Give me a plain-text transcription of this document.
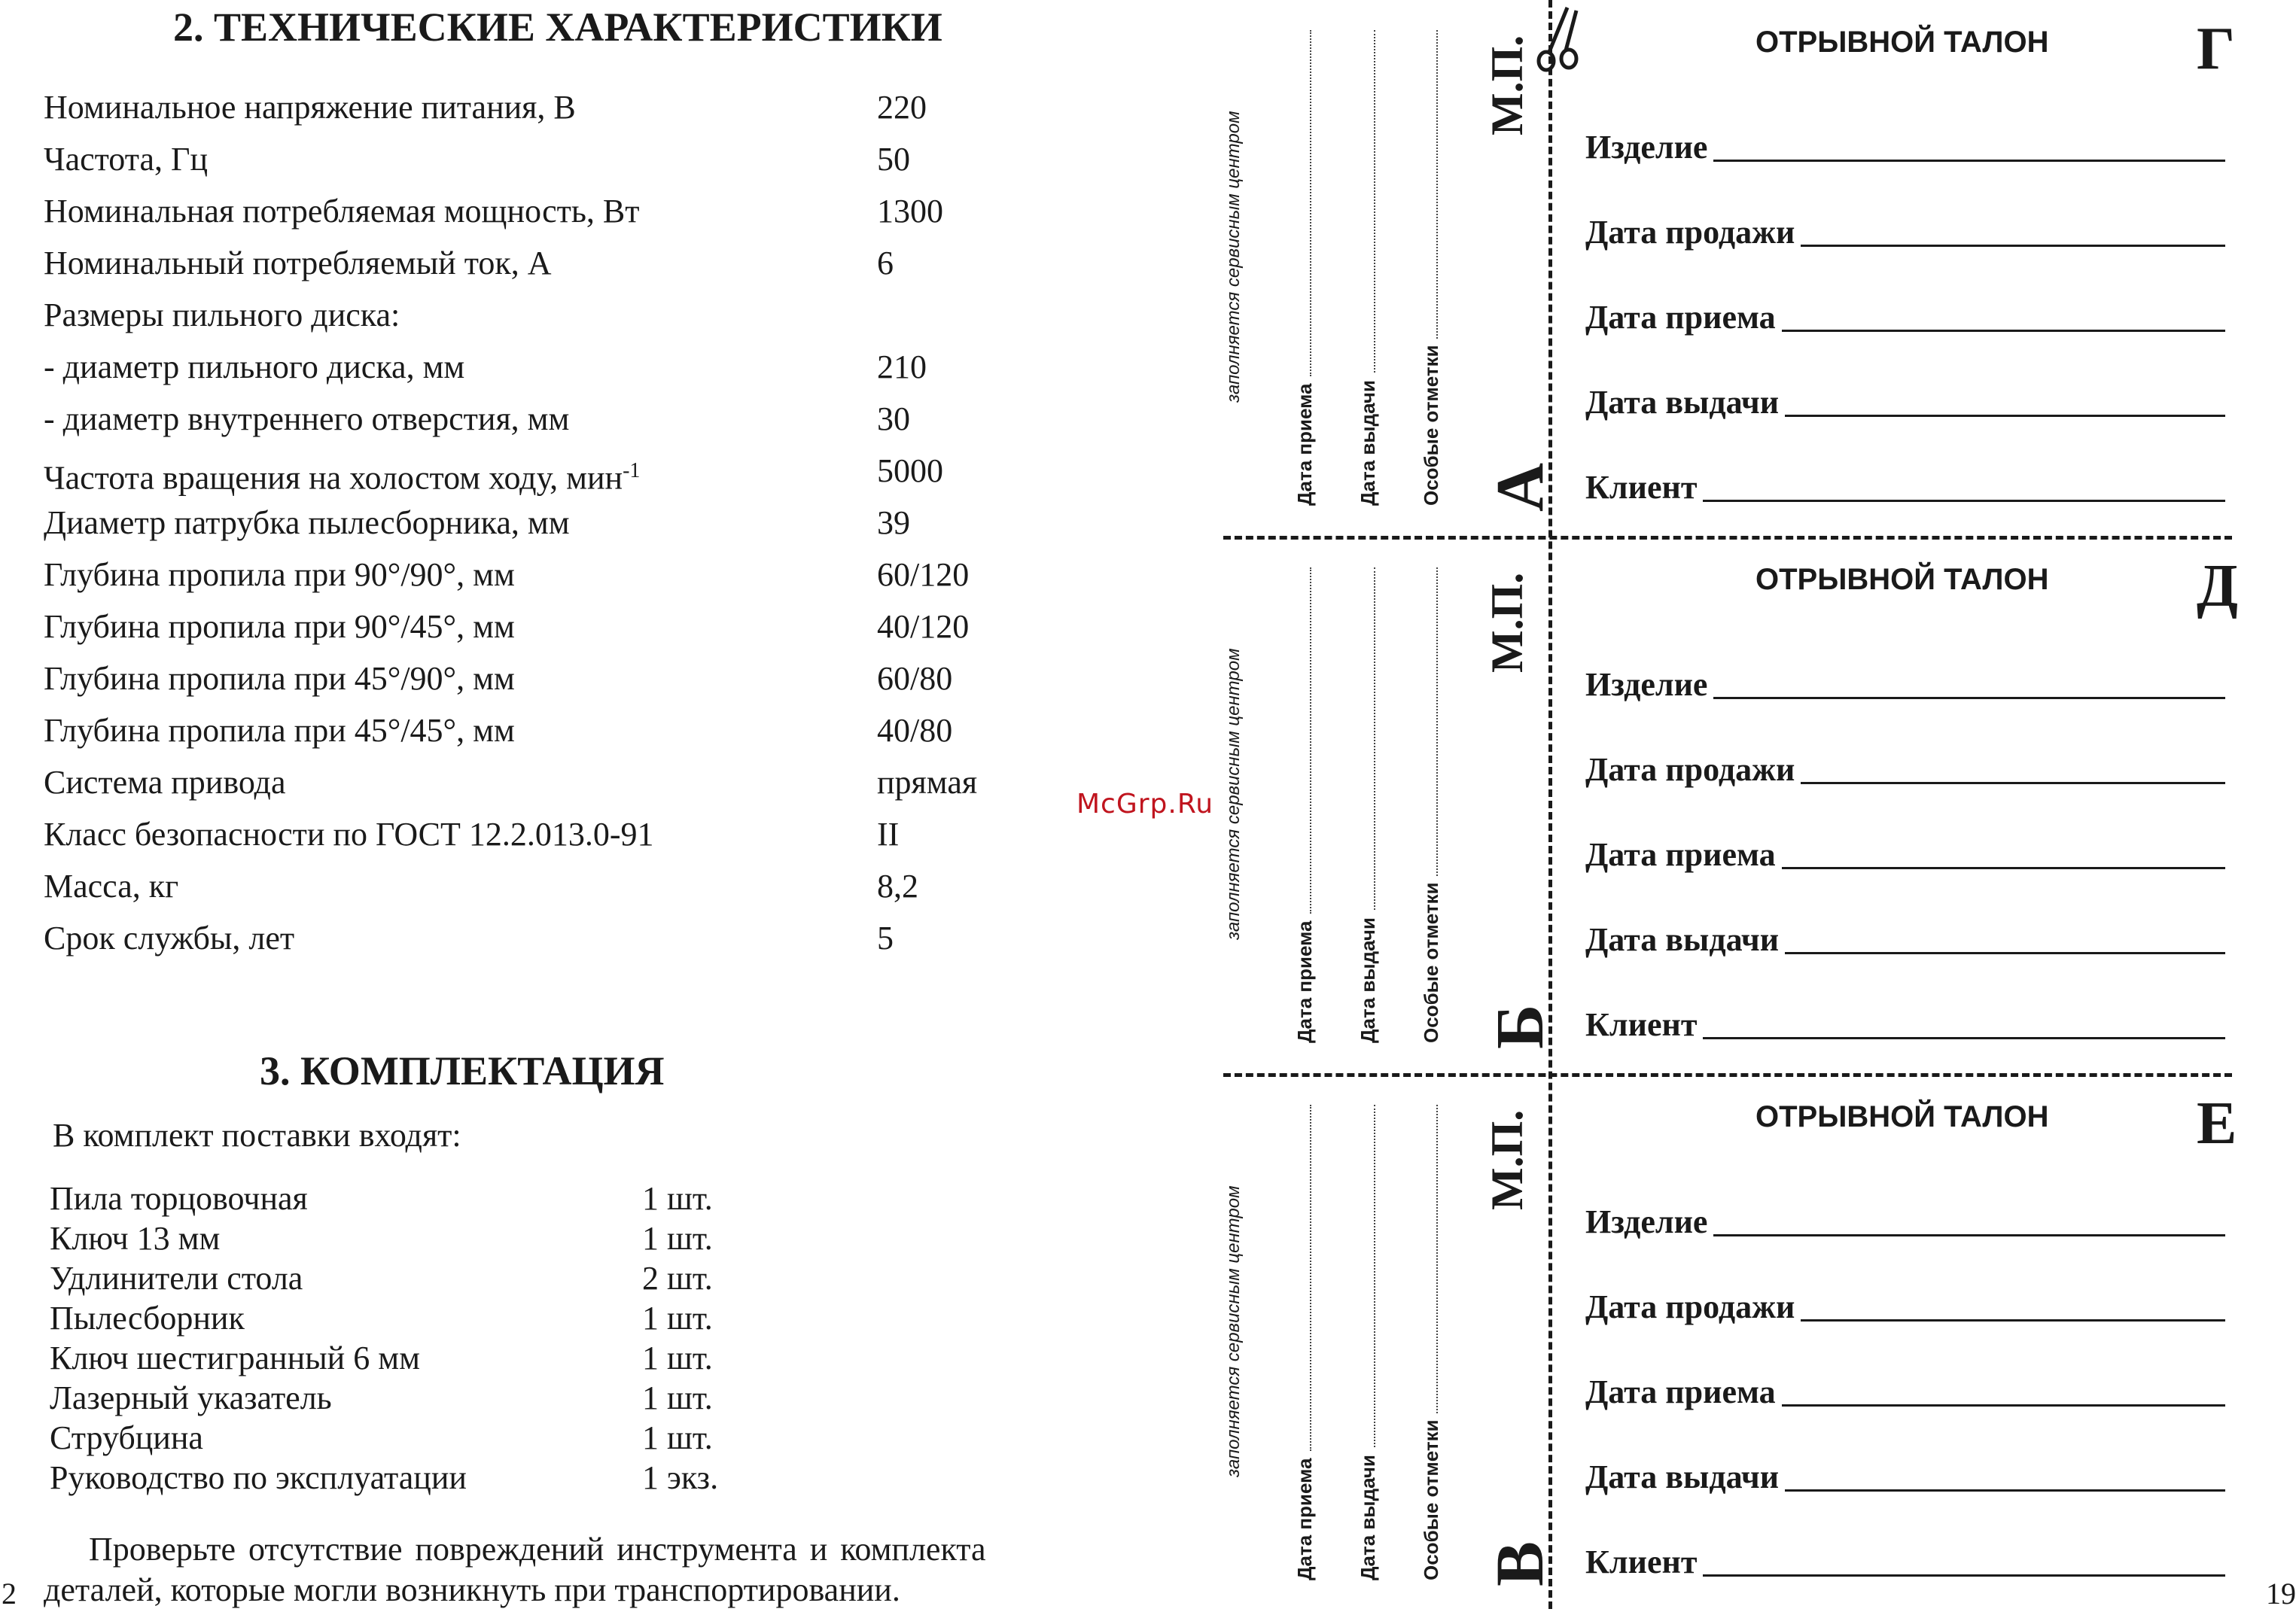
2. ТЕХНИЧЕСКИЕ ХАРАКТЕРИСТИКИ
Номинальное напряжение питания, В	220
Частота, Гц	50
Номинальная потребляемая мощность, Вт	1300
Номинальный потребляемый ток, А	6
Размеры пильного диска:
- диаметр пильного диска, мм	210
- диаметр внутреннего отверстия, мм	30
Частота вращения на холостом ходу, мин$^{-1}$	5000
Диаметр патрубка пылесборника, мм	39
Глубина пропила при 90°/90°, мм	60/120
Глубина пропила при 90°/45°, мм	40/120
Глубина пропила при 45°/90°, мм	60/80
Глубина пропила при 45°/45°, мм	40/80
Система привода	прямая
Класс безопасности по ГОСТ 12.2.013.0-91	II
Масса, кг	8,2
Срок службы, лет	5
3. КОМПЛЕКТАЦИЯ
В комплект поставки входят:
Пила торцовочная	1 шт.
Ключ 13 мм	1 шт.
Удлинители стола	2 шт.
Пылесборник	1 шт.
Ключ шестигранный 6 мм	1 шт.
Лазерный указатель	1 шт.
Струбцина	1 шт.
Руководство по эксплуатации	1 экз.
Проверьте отсутствие повреждений инструмента и комплекта
деталей, которые могли возникнуть при транспортировании.
2
McGrp.Ru
заполняется сервисным центром
Дата приема Дата выдачи Особые отметки
М.П.
А
ОТРЫВНОЙ ТАЛОН Г
Изделие
Дата продажи
Дата приема
Дата выдачи
Клиент
заполняется сервисным центром
Дата приема Дата выдачи Особые отметки
М.П.
Б
ОТРЫВНОЙ ТАЛОН Д
Изделие
Дата продажи
Дата приема
Дата выдачи
Клиент
заполняется сервисным центром
Дата приема Дата выдачи Особые отметки
М.П.
В
ОТРЫВНОЙ ТАЛОН Е
Изделие
Дата продажи
Дата приема
Дата выдачи
Клиент
19
